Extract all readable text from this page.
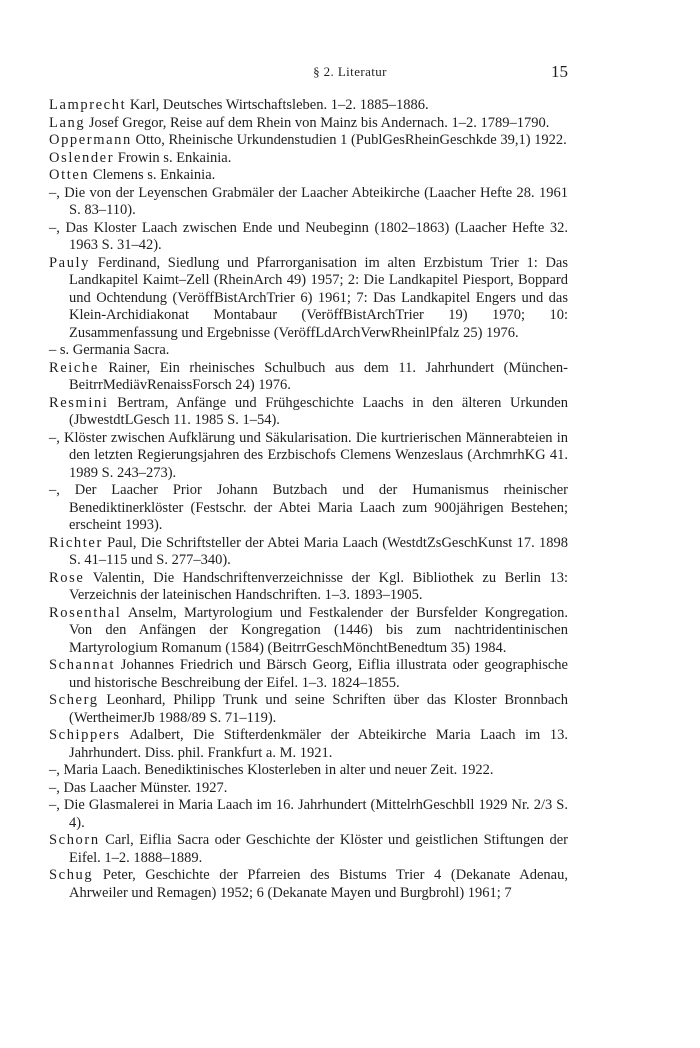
§ 2. Literatur	15

Lamprecht Karl, Deutsches Wirtschaftsleben. 1–2. 1885–1886.

Lang Josef Gregor, Reise auf dem Rhein von Mainz bis Andernach. 1–2. 1789–1790.

Oppermann Otto, Rheinische Urkundenstudien 1 (PublGesRheinGeschkde 39,1) 1922.

Oslender Frowin s. Enkainia.

Otten Clemens s. Enkainia.

–, Die von der Leyenschen Grabmäler der Laacher Abteikirche (Laacher Hefte 28. 1961 S. 83–110).

–, Das Kloster Laach zwischen Ende und Neubeginn (1802–1863) (Laacher Hefte 32. 1963 S. 31–42).

Pauly Ferdinand, Siedlung und Pfarrorganisation im alten Erzbistum Trier 1: Das Landkapitel Kaimt–Zell (RheinArch 49) 1957; 2: Die Landkapitel Piesport, Boppard und Ochtendung (VeröffBistArchTrier 6) 1961; 7: Das Landkapitel Engers und das Klein-Archidiakonat Montabaur (VeröffBistArchTrier 19) 1970; 10: Zusammenfassung und Ergebnisse (VeröffLdArchVerwRheinlPfalz 25) 1976.

– s. Germania Sacra.

Reiche Rainer, Ein rheinisches Schulbuch aus dem 11. Jahrhundert (München-BeitrrMediävRenaissForsch 24) 1976.

Resmini Bertram, Anfänge und Frühgeschichte Laachs in den älteren Urkunden (JbwestdtLGesch 11. 1985 S. 1–54).

–, Klöster zwischen Aufklärung und Säkularisation. Die kurtrierischen Männerabteien in den letzten Regierungsjahren des Erzbischofs Clemens Wenzeslaus (ArchmrhKG 41. 1989 S. 243–273).

–, Der Laacher Prior Johann Butzbach und der Humanismus rheinischer Benediktinerklöster (Festschr. der Abtei Maria Laach zum 900jährigen Bestehen; erscheint 1993).

Richter Paul, Die Schriftsteller der Abtei Maria Laach (WestdtZsGeschKunst 17. 1898 S. 41–115 und S. 277–340).

Rose Valentin, Die Handschriftenverzeichnisse der Kgl. Bibliothek zu Berlin 13: Verzeichnis der lateinischen Handschriften. 1–3. 1893–1905.

Rosenthal Anselm, Martyrologium und Festkalender der Bursfelder Kongregation. Von den Anfängen der Kongregation (1446) bis zum nachtridentinischen Martyrologium Romanum (1584) (BeitrrGeschMönchtBenedtum 35) 1984.

Schannat Johannes Friedrich und Bärsch Georg, Eiflia illustrata oder geographische und historische Beschreibung der Eifel. 1–3. 1824–1855.

Scherg Leonhard, Philipp Trunk und seine Schriften über das Kloster Bronnbach (WertheimerJb 1988/89 S. 71–119).

Schippers Adalbert, Die Stifterdenkmäler der Abteikirche Maria Laach im 13. Jahrhundert. Diss. phil. Frankfurt a. M. 1921.

–, Maria Laach. Benediktinisches Klosterleben in alter und neuer Zeit. 1922.

–, Das Laacher Münster. 1927.

–, Die Glasmalerei in Maria Laach im 16. Jahrhundert (MittelrhGeschbll 1929 Nr. 2/3 S. 4).

Schorn Carl, Eiflia Sacra oder Geschichte der Klöster und geistlichen Stiftungen der Eifel. 1–2. 1888–1889.

Schug Peter, Geschichte der Pfarreien des Bistums Trier 4 (Dekanate Adenau, Ahrweiler und Remagen) 1952; 6 (Dekanate Mayen und Burgbrohl) 1961; 7
